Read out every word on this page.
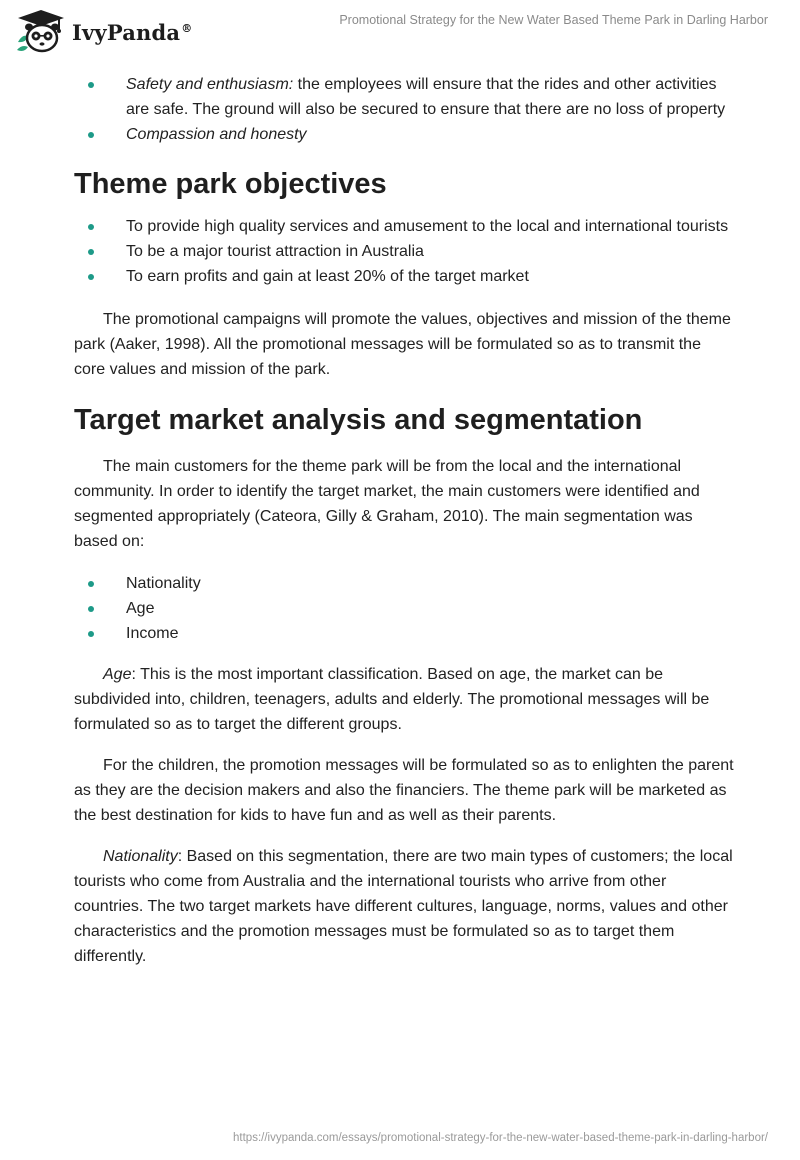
IvyPanda®
Promotional Strategy for the New Water Based Theme Park in Darling Harbor
Safety and enthusiasm: the employees will ensure that the rides and other activities are safe. The ground will also be secured to ensure that there are no loss of property
Compassion and honesty
Theme park objectives
To provide high quality services and amusement to the local and international tourists
To be a major tourist attraction in Australia
To earn profits and gain at least 20% of the target market

The promotional campaigns will promote the values, objectives and mission of the theme park (Aaker, 1998). All the promotional messages will be formulated so as to transmit the core values and mission of the park.

Target market analysis and segmentation

The main customers for the theme park will be from the local and the international community. In order to identify the target market, the main customers were identified and segmented appropriately (Cateora, Gilly & Graham, 2010). The main segmentation was based on:

Nationality
Age
Income

Age: This is the most important classification. Based on age, the market can be subdivided into, children, teenagers, adults and elderly. The promotional messages will be formulated so as to target the different groups.

For the children, the promotion messages will be formulated so as to enlighten the parent as they are the decision makers and also the financiers. The theme park will be marketed as the best destination for kids to have fun and as well as their parents.

Nationality: Based on this segmentation, there are two main types of customers; the local tourists who come from Australia and the international tourists who arrive from other countries. The two target markets have different cultures, language, norms, values and other characteristics and the promotion messages must be formulated so as to target them differently.

https://ivypanda.com/essays/promotional-strategy-for-the-new-water-based-theme-park-in-darling-harbor/
